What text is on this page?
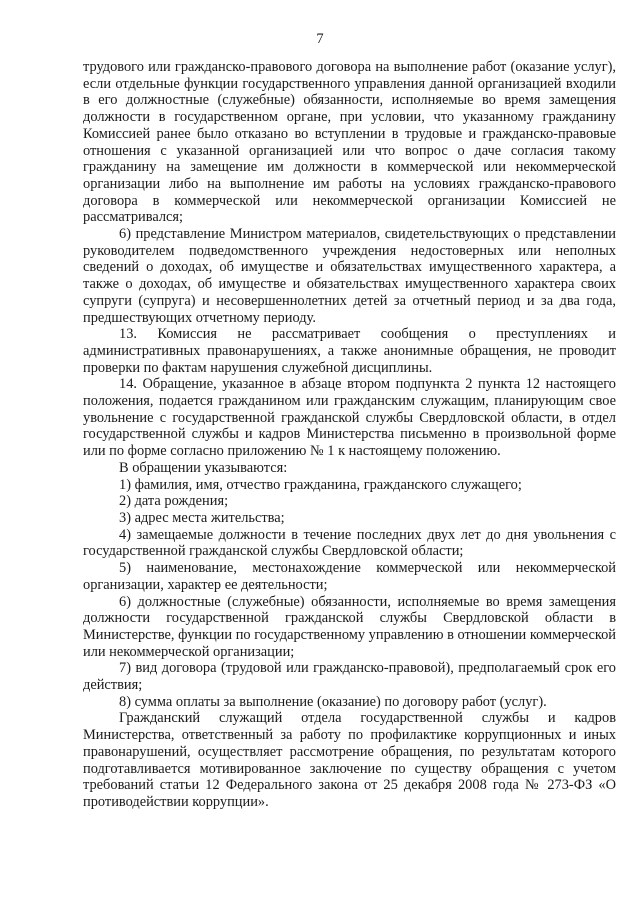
7

трудового или гражданско-правового договора на выполнение работ (оказание услуг), если отдельные функции государственного управления данной организацией входили в его должностные (служебные) обязанности, исполняемые во время замещения должности в государственном органе, при условии, что указанному гражданину Комиссией ранее было отказано во вступлении в трудовые и гражданско-правовые отношения с указанной организацией или что вопрос о даче согласия такому гражданину на замещение им должности в коммерческой или некоммерческой организации либо на выполнение им работы на условиях гражданско-правового договора в коммерческой или некоммерческой организации Комиссией не рассматривался;

6) представление Министром материалов, свидетельствующих о представлении руководителем подведомственного учреждения недостоверных или неполных сведений о доходах, об имуществе и обязательствах имущественного характера, а также о доходах, об имуществе и обязательствах имущественного характера своих супруги (супруга) и несовершеннолетних детей за отчетный период и за два года, предшествующих отчетному периоду.

13. Комиссия не рассматривает сообщения о преступлениях и административных правонарушениях, а также анонимные обращения, не проводит проверки по фактам нарушения служебной дисциплины.

14. Обращение, указанное в абзаце втором подпункта 2 пункта 12 настоящего положения, подается гражданином или гражданским служащим, планирующим свое увольнение с государственной гражданской службы Свердловской области, в отдел государственной службы и кадров Министерства письменно в произвольной форме или по форме согласно приложению № 1 к настоящему положению.

В обращении указываются:

1) фамилия, имя, отчество гражданина, гражданского служащего;

2) дата рождения;

3) адрес места жительства;

4) замещаемые должности в течение последних двух лет до дня увольнения с государственной гражданской службы Свердловской области;

5) наименование, местонахождение коммерческой или некоммерческой организации, характер ее деятельности;

6) должностные (служебные) обязанности, исполняемые во время замещения должности государственной гражданской службы Свердловской области в Министерстве, функции по государственному управлению в отношении коммерческой или некоммерческой организации;

7) вид договора (трудовой или гражданско-правовой), предполагаемый срок его действия;

8) сумма оплаты за выполнение (оказание) по договору работ (услуг).

Гражданский служащий отдела государственной службы и кадров Министерства, ответственный за работу по профилактике коррупционных и иных правонарушений, осуществляет рассмотрение обращения, по результатам которого подготавливается мотивированное заключение по существу обращения с учетом требований статьи 12 Федерального закона от 25 декабря 2008 года № 273-ФЗ «О противодействии коррупции».
